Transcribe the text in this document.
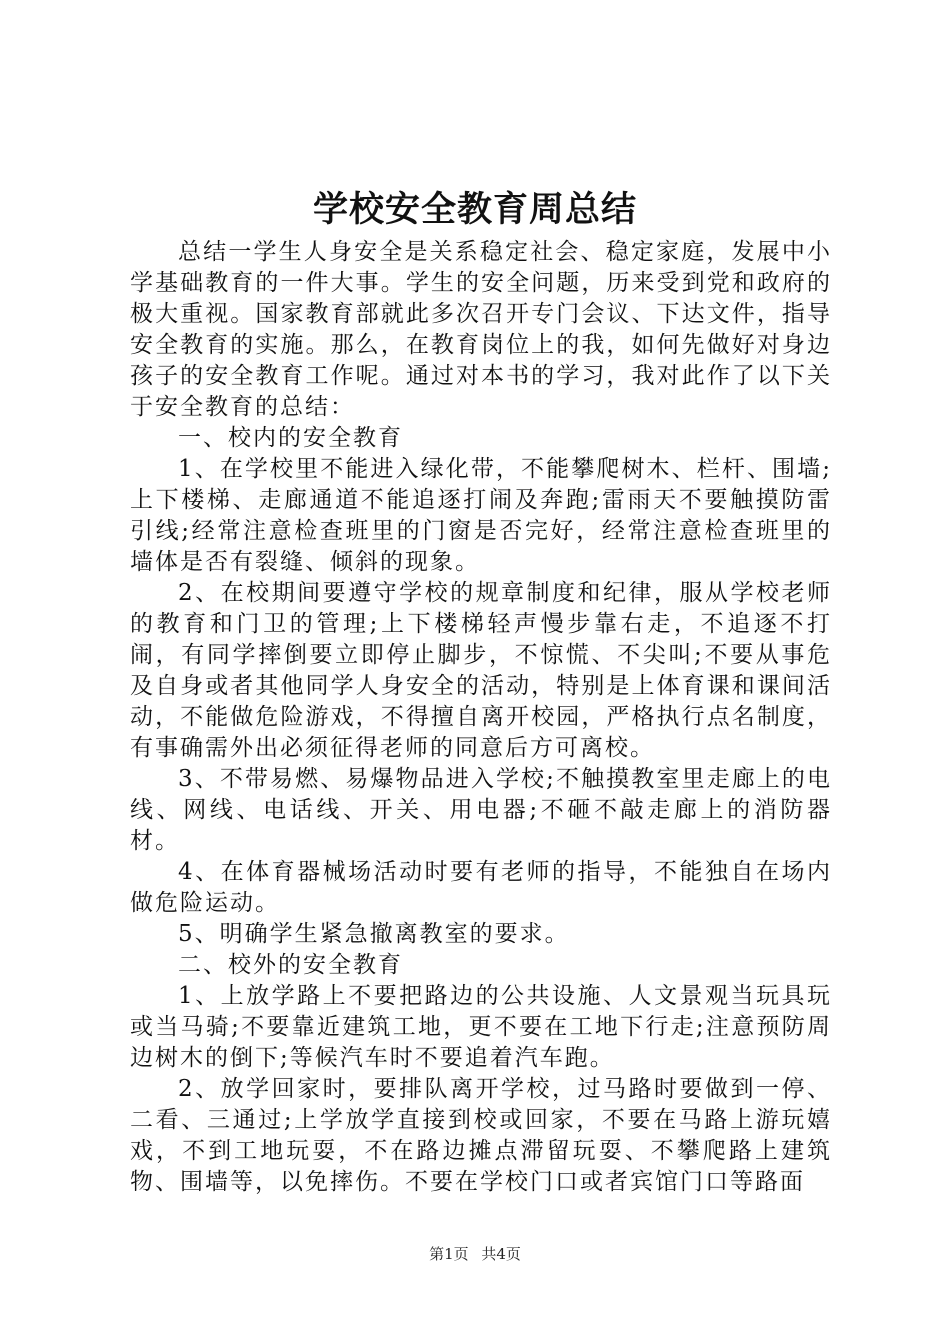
学校安全教育周总结

总结一学生人身安全是关系稳定社会、稳定家庭，发展中小学基础教育的一件大事。学生的安全问题，历来受到党和政府的极大重视。国家教育部就此多次召开专门会议、下达文件，指导安全教育的实施。那么，在教育岗位上的我，如何先做好对身边孩子的安全教育工作呢。通过对本书的学习，我对此作了以下关于安全教育的总结：

一、校内的安全教育

1、在学校里不能进入绿化带，不能攀爬树木、栏杆、围墙;上下楼梯、走廊通道不能追逐打闹及奔跑;雷雨天不要触摸防雷引线;经常注意检查班里的门窗是否完好，经常注意检查班里的墙体是否有裂缝、倾斜的现象。

2、在校期间要遵守学校的规章制度和纪律，服从学校老师的教育和门卫的管理;上下楼梯轻声慢步靠右走，不追逐不打闹，有同学摔倒要立即停止脚步，不惊慌、不尖叫;不要从事危及自身或者其他同学人身安全的活动，特别是上体育课和课间活动，不能做危险游戏，不得擅自离开校园，严格执行点名制度，有事确需外出必须征得老师的同意后方可离校。

3、不带易燃、易爆物品进入学校;不触摸教室里走廊上的电线、网线、电话线、开关、用电器;不砸不敲走廊上的消防器材。

4、在体育器械场活动时要有老师的指导，不能独自在场内做危险运动。

5、明确学生紧急撤离教室的要求。

二、校外的安全教育

1、上放学路上不要把路边的公共设施、人文景观当玩具玩或当马骑;不要靠近建筑工地，更不要在工地下行走;注意预防周边树木的倒下;等候汽车时不要追着汽车跑。

2、放学回家时，要排队离开学校，过马路时要做到一停、二看、三通过;上学放学直接到校或回家，不要在马路上游玩嬉戏，不到工地玩耍，不在路边摊点滞留玩耍、不攀爬路上建筑物、围墙等，以免摔伤。不要在学校门口或者宾馆门口等路面

第1页 共4页
